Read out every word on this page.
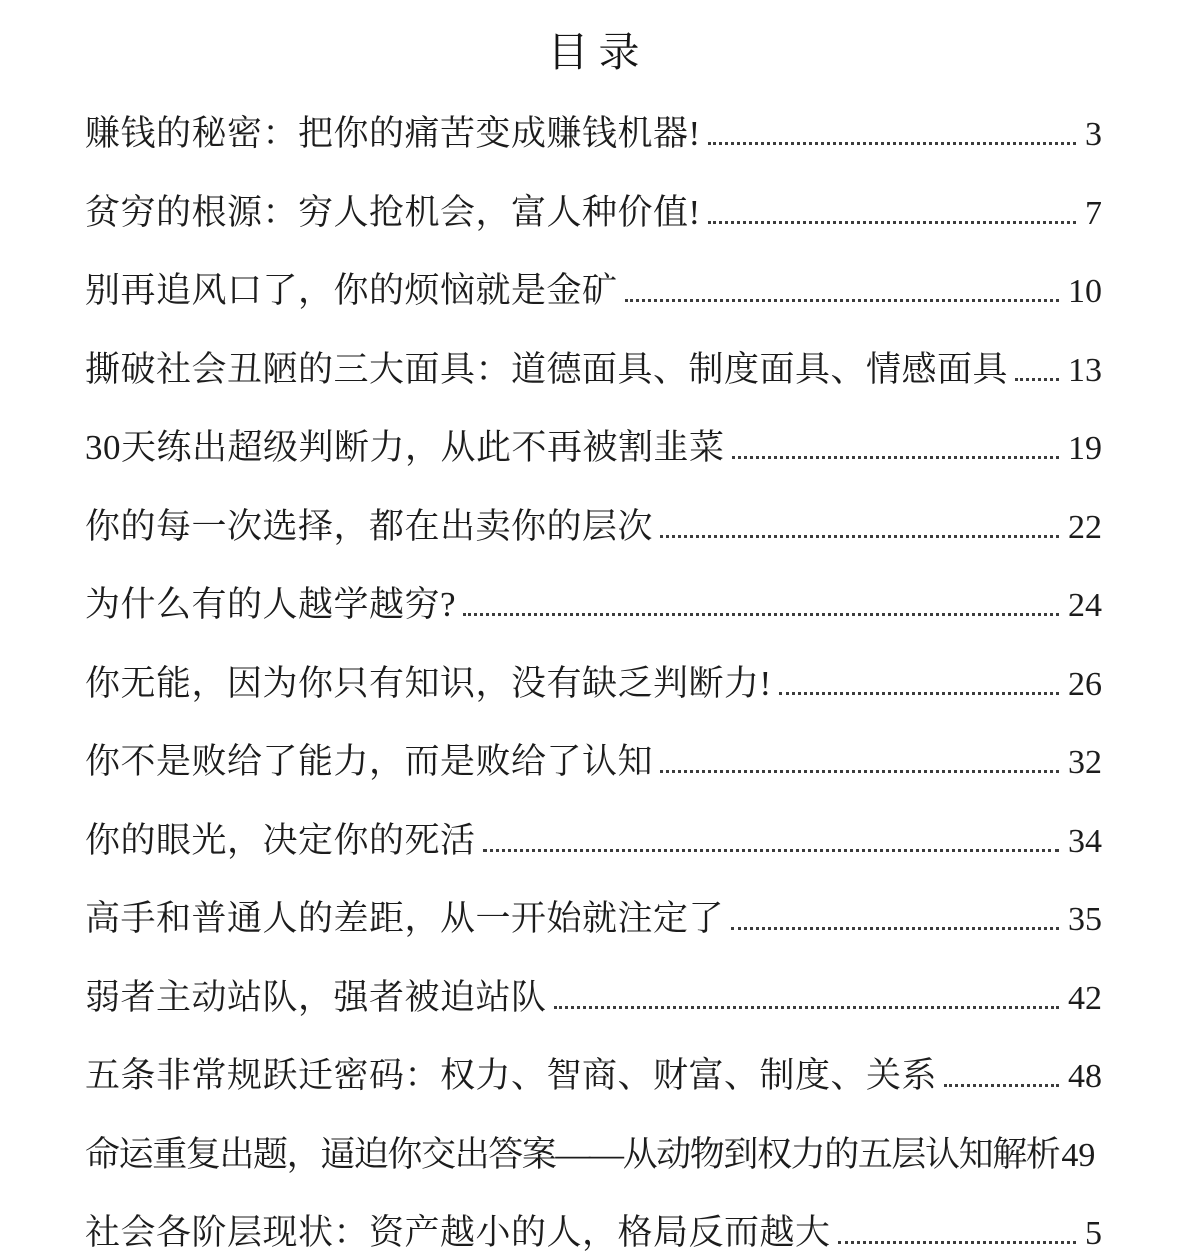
目录
赚钱的秘密：把你的痛苦变成赚钱机器!	3
贫穷的根源：穷人抢机会，富人种价值!	7
别再追风口了，你的烦恼就是金矿	10
撕破社会丑陋的三大面具：道德面具、制度面具、情感面具 13
30天练出超级判断力，从此不再被割韭菜	19
你的每一次选择，都在出卖你的层次	22
为什么有的人越学越穷?	24
你无能，因为你只有知识，没有缺乏判断力!	26
你不是败给了能力，而是败给了认知	32
你的眼光，决定你的死活	34
高手和普通人的差距，从一开始就注定了	35
弱者主动站队，强者被迫站队	42
五条非常规跃迁密码：权力、智商、财富、制度、关系	48
命运重复出题，逼迫你交出答案——从动物到权力的五层认知解析 49
社会各阶层现状：资产越小的人，格局反而越大	5
